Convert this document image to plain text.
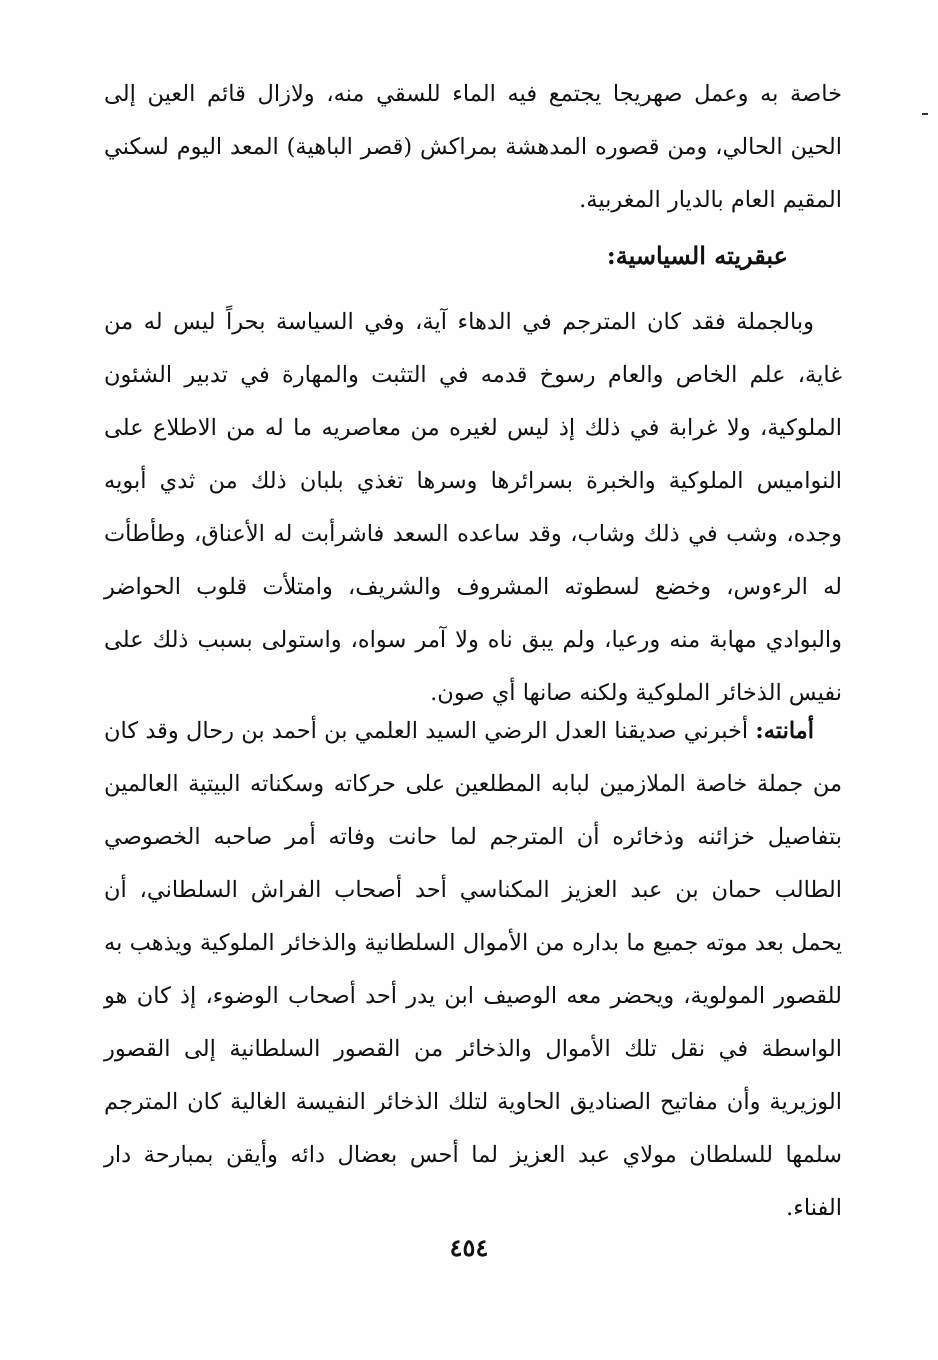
خاصة به وعمل صهريجا يجتمع فيه الماء للسقي منه، ولازال قائم العين إلى الحين الحالي، ومن قصوره المدهشة بمراكش (قصر الباهية) المعد اليوم لسكني المقيم العام بالديار المغربية.

عبقريته السياسية:

وبالجملة فقد كان المترجم في الدهاء آية، وفي السياسة بحراً ليس له من غاية، علم الخاص والعام رسوخ قدمه في التثبت والمهارة في تدبير الشئون الملوكية، ولا غرابة في ذلك إذ ليس لغيره من معاصريه ما له من الاطلاع على النواميس الملوكية والخبرة بسرائرها وسرها تغذي بلبان ذلك من ثدي أبويه وجده، وشب في ذلك وشاب، وقد ساعده السعد فاشرأبت له الأعناق، وطأطأت له الرءوس، وخضع لسطوته المشروف والشريف، وامتلأت قلوب الحواضر والبوادي مهابة منه ورعيا، ولم يبق ناه ولا آمر سواه، واستولى بسبب ذلك على نفيس الذخائر الملوكية ولكنه صانها أي صون.

أمانته: أخبرني صديقنا العدل الرضي السيد العلمي بن أحمد بن رحال وقد كان من جملة خاصة الملازمين لبابه المطلعين على حركاته وسكناته البيتية العالمين بتفاصيل خزائنه وذخائره أن المترجم لما حانت وفاته أمر صاحبه الخصوصي الطالب حمان بن عبد العزيز المكناسي أحد أصحاب الفراش السلطاني، أن يحمل بعد موته جميع ما بداره من الأموال السلطانية والذخائر الملوكية ويذهب به للقصور المولوية، ويحضر معه الوصيف ابن يدر أحد أصحاب الوضوء، إذ كان هو الواسطة في نقل تلك الأموال والذخائر من القصور السلطانية إلى القصور الوزيرية وأن مفاتيح الصناديق الحاوية لتلك الذخائر النفيسة الغالية كان المترجم سلمها للسلطان مولاي عبد العزيز لما أحس بعضال دائه وأيقن بمبارحة دار الفناء.

٤٥٤
